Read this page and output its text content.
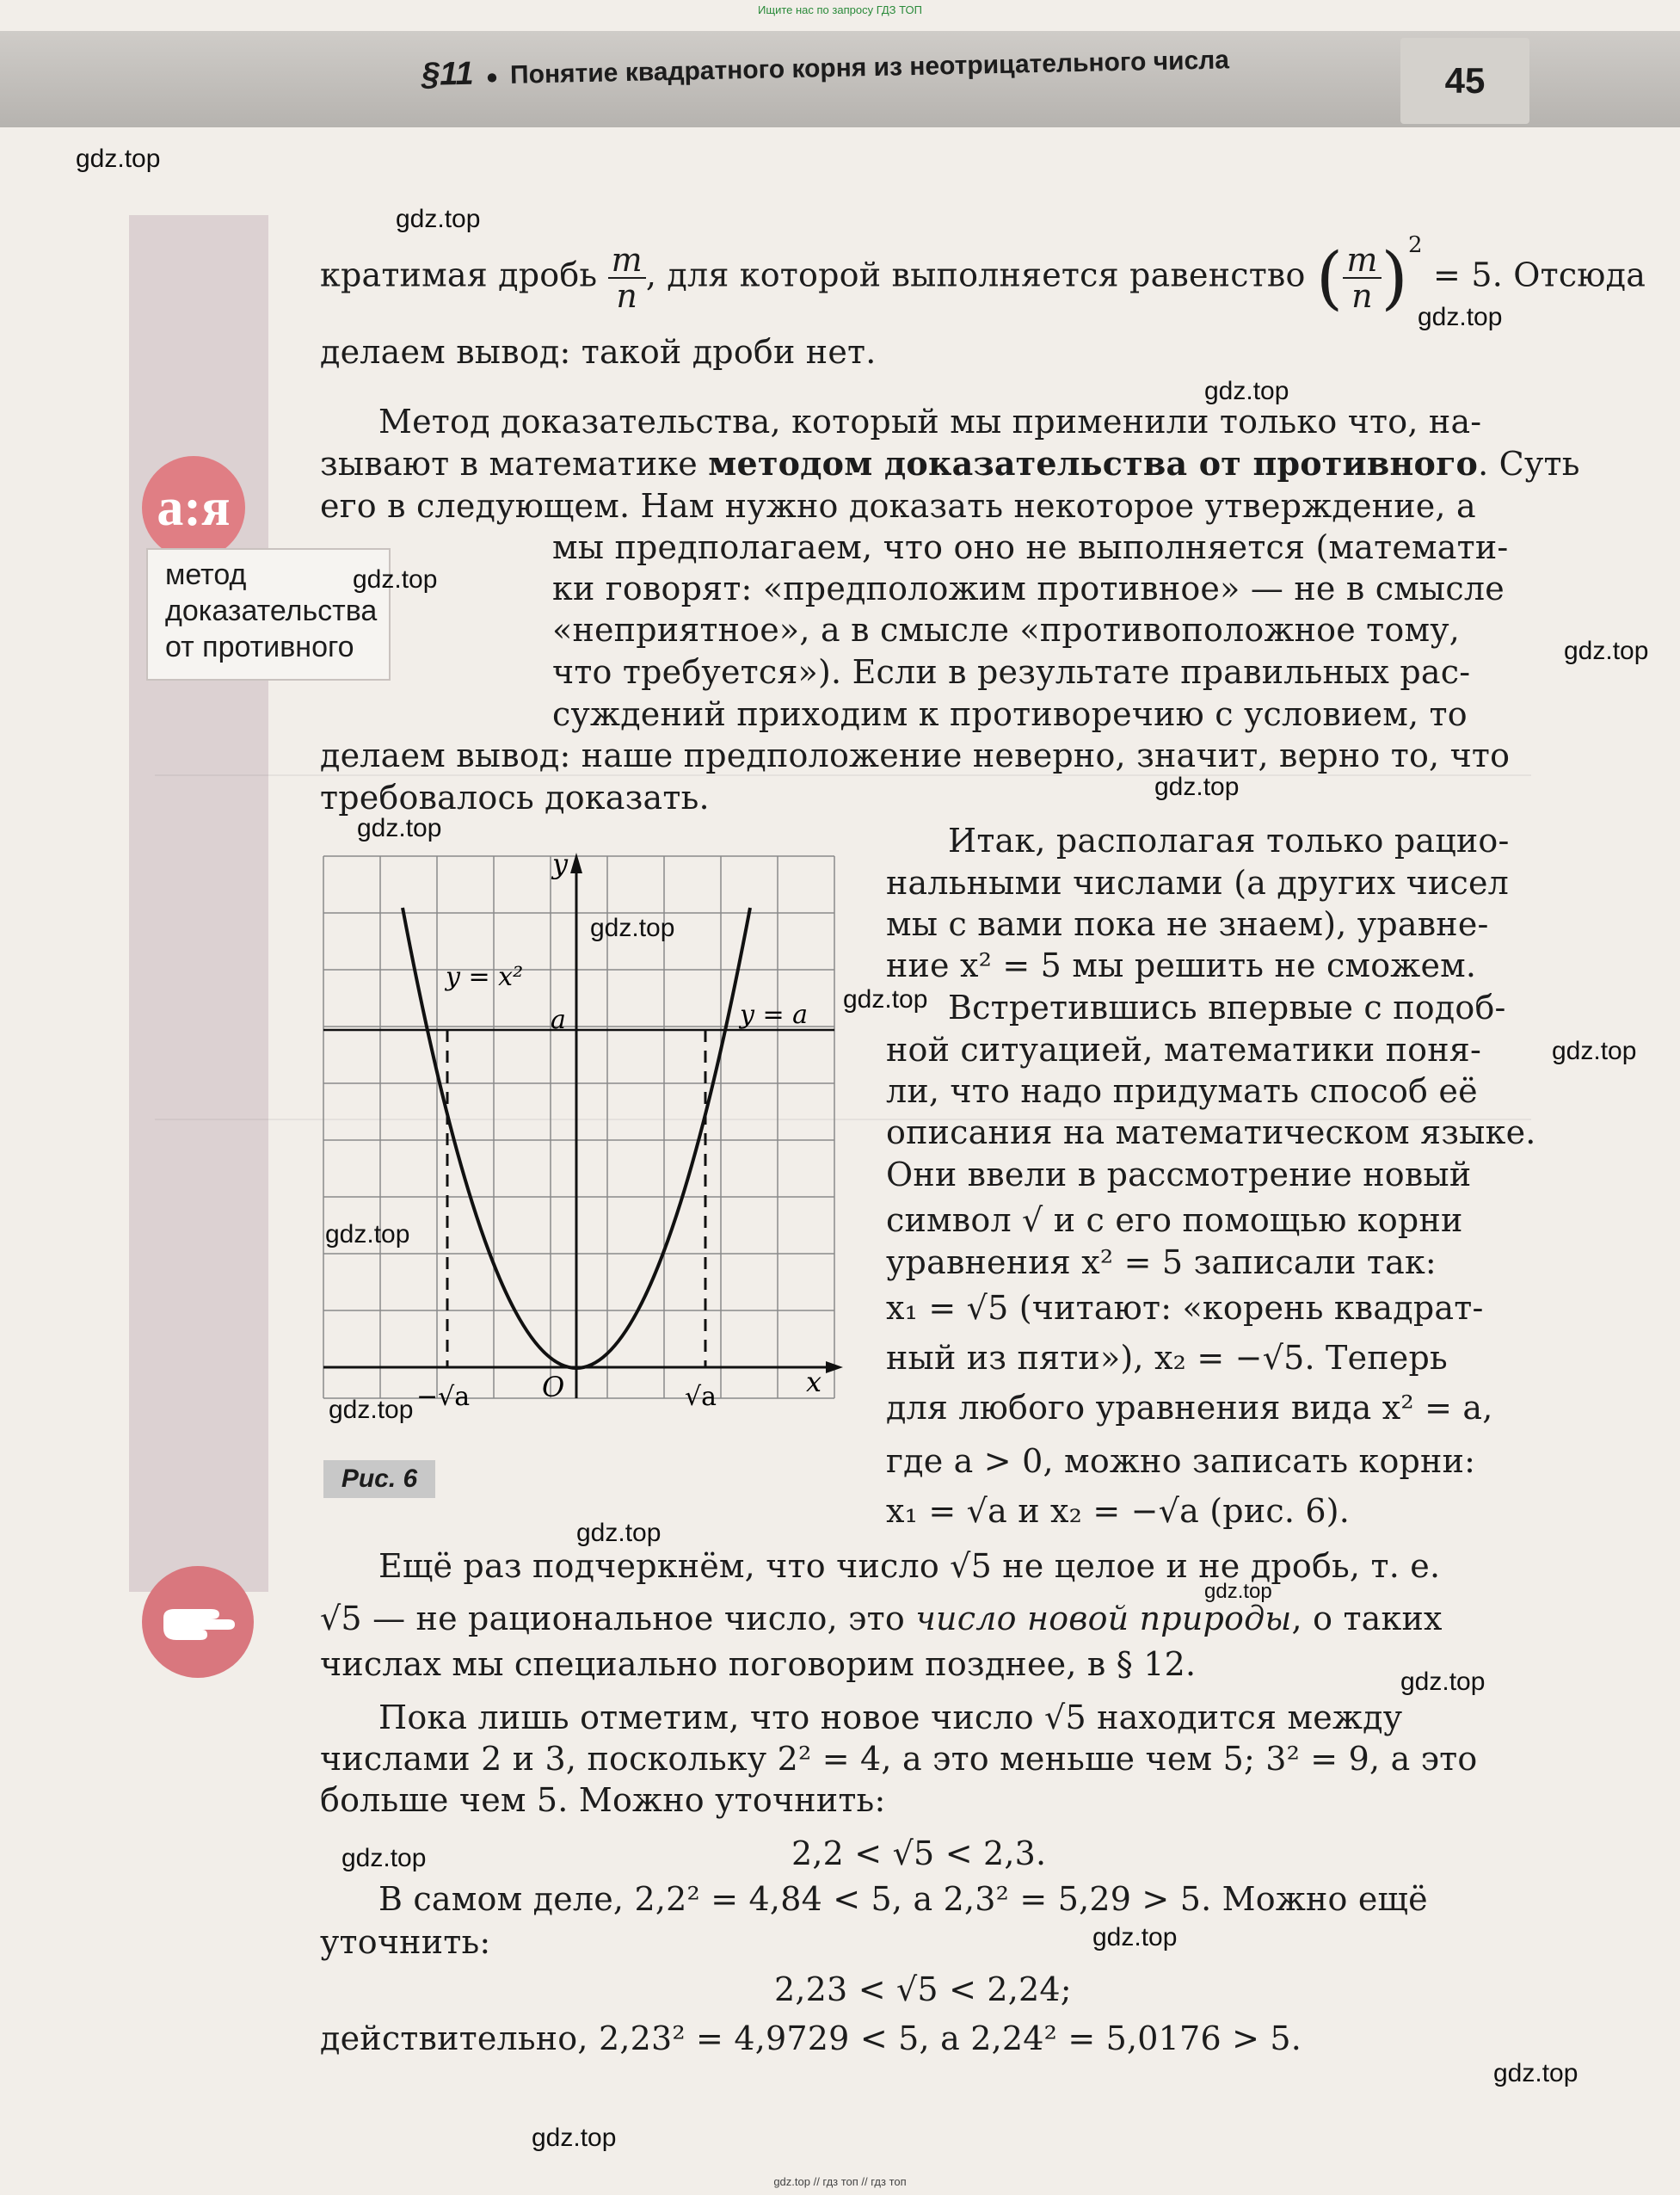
Ищите нас по запросу ГДЗ ТОП
§11 ● Понятие квадратного корня из неотрицательного числа	45
а:я
метод
доказательства
от противного
кратимая дробь $\frac{m}{n}$ , для которой выполняется равенство ( $\frac{m}{n} )^2 = 5$. Отсюда
делаем вывод: такой дроби нет.
Метод доказательства, который мы применили только что, на-
зывают в математике методом доказательства от противного. Суть
его в следующем. Нам нужно доказать некоторое утверждение, а
мы предполагаем, что оно не выполняется (математи-
ки говорят: «предположим противное» — не в смысле
«неприятное», а в смысле «противоположное тому,
что требуется»). Если в результате правильных рас-
суждений приходим к противоречию с условием, то
делаем вывод: наше предположение неверно, значит, верно то, что
требовалось доказать.
Итак, располагая только рацио-
нальными числами (а других чисел
мы с вами пока не знаем), уравне-
ние x² = 5 мы решить не сможем.
Встретившись впервые с подоб-
ной ситуацией, математики поня-
ли, что надо придумать способ её
описания на математическом языке.
Они ввели в рассмотрение новый
символ √ и с его помощью корни
уравнения x² = 5 записали так:
x₁ = √5 (читают: «корень квадрат-
ный из пяти»), x₂ = −√5. Теперь
для любого уравнения вида x² = a,
где a > 0, можно записать корни:
x₁ = √a и x₂ = −√a (рис. 6).
Ещё раз подчеркнём, что число √5 не целое и не дробь, т. е.
√5 — не рациональное число, это число новой природы, о таких
числах мы специально поговорим позднее, в § 12.
Пока лишь отметим, что новое число √5 находится между
числами 2 и 3, поскольку 2² = 4, а это меньше чем 5; 3² = 9, а это
больше чем 5. Можно уточнить:
2,2 < √5 < 2,3.
В самом деле, 2,2² = 4,84 < 5, а 2,3² = 5,29 > 5. Можно ещё
уточнить:
2,23 < √5 < 2,24;
действительно, 2,23² = 4,9729 < 5, а 2,24² = 5,0176 > 5.
y
x
y = x²
y = a
a
O
−√a	√a
Рис. 6
gdz.top
gdz.top
gdz.top
gdz.top
gdz.top
gdz.top
gdz.top
gdz.top
gdz.top
gdz.top
gdz.top
gdz.top
gdz.top
gdz.top
gdz.top
gdz.top
gdz.top
gdz.top
gdz.top
gdz.top
gdz.top // гдз топ // гдз топ
